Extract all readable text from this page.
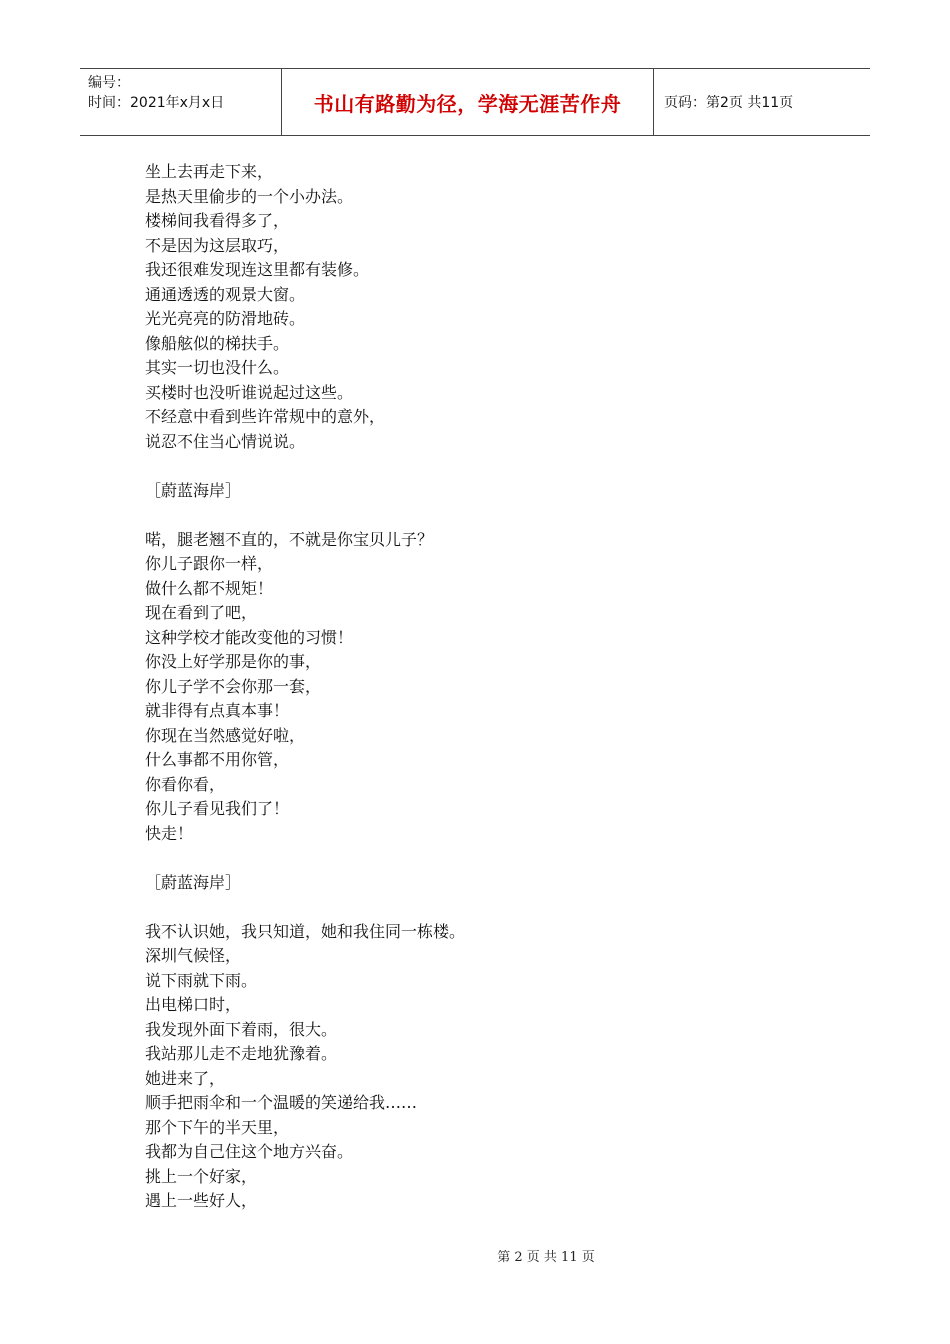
编号：
时间：2021年x月x日	书山有路勤为径，学海无涯苦作舟	页码：第2页 共11页
坐上去再走下来，
是热天里偷步的一个小办法。
楼梯间我看得多了，
不是因为这层取巧，
我还很难发现连这里都有装修。
通通透透的观景大窗。
光光亮亮的防滑地砖。
像船舷似的梯扶手。
其实一切也没什么。
买楼时也没听谁说起过这些。
不经意中看到些许常规中的意外，
说忍不住当心情说说。
［蔚蓝海岸］
喏，腿老翘不直的，不就是你宝贝儿子？
你儿子跟你一样，
做什么都不规矩！
现在看到了吧，
这种学校才能改变他的习惯！
你没上好学那是你的事，
你儿子学不会你那一套，
就非得有点真本事！
你现在当然感觉好啦，
什么事都不用你管，
你看你看，
你儿子看见我们了！
快走！
［蔚蓝海岸］
我不认识她，我只知道，她和我住同一栋楼。
深圳气候怪，
说下雨就下雨。
出电梯口时，
我发现外面下着雨，很大。
我站那儿走不走地犹豫着。
她进来了，
顺手把雨伞和一个温暖的笑递给我……
那个下午的半天里，
我都为自己住这个地方兴奋。
挑上一个好家，
遇上一些好人，
第 2 页 共 11 页
